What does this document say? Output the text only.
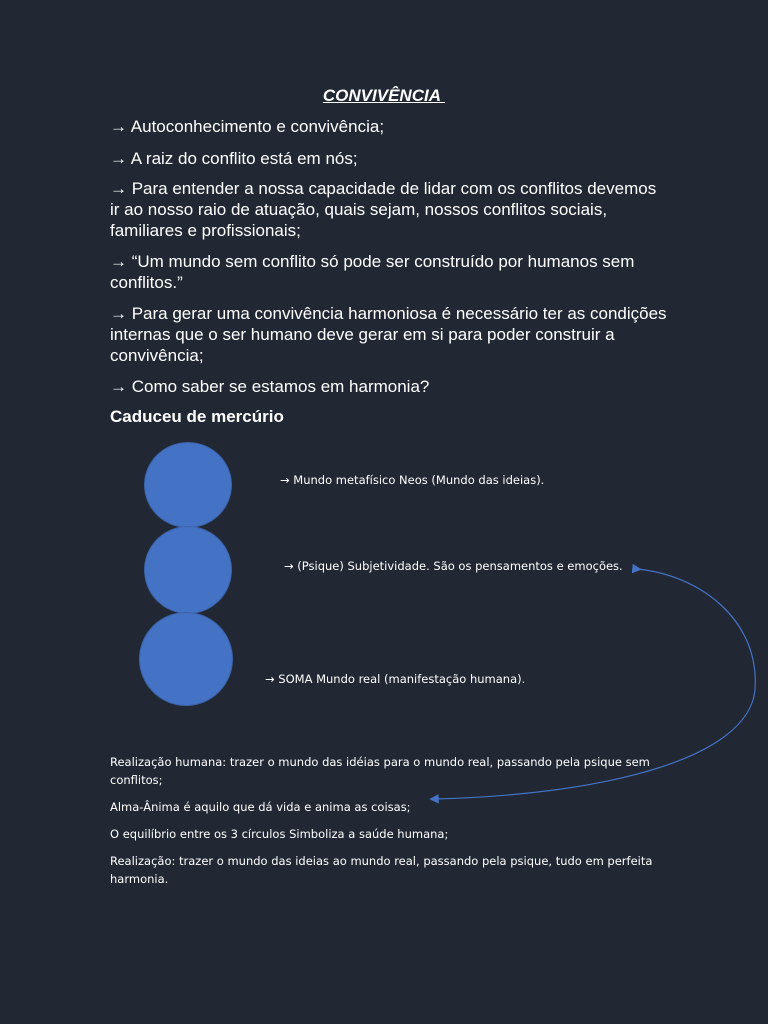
CONVIVÊNCIA

→ Autoconhecimento e convivência;

→ A raiz do conflito está em nós;

→ Para entender a nossa capacidade de lidar com os conflitos devemos ir ao nosso raio de atuação, quais sejam, nossos conflitos sociais, familiares e profissionais;

→ “Um mundo sem conflito só pode ser construído por humanos sem conflitos.”

→ Para gerar uma convivência harmoniosa é necessário ter as condições internas que o ser humano deve gerar em si para poder construir a convivência;

→ Como saber se estamos em harmonia?

Caduceu de mercúrio
→ Mundo metafísico Neos (Mundo das ideias).
→ (Psique) Subjetividade. São os pensamentos e emoções.
→ SOMA Mundo real (manifestação humana).

Realização humana: trazer o mundo das idéias para o mundo real, passando pela psique sem conflitos;

Alma-Ânima é aquilo que dá vida e anima as coisas;

O equilíbrio entre os 3 círculos Simboliza a saúde humana;

Realização: trazer o mundo das ideias ao mundo real, passando pela psique, tudo em perfeita harmonia.
